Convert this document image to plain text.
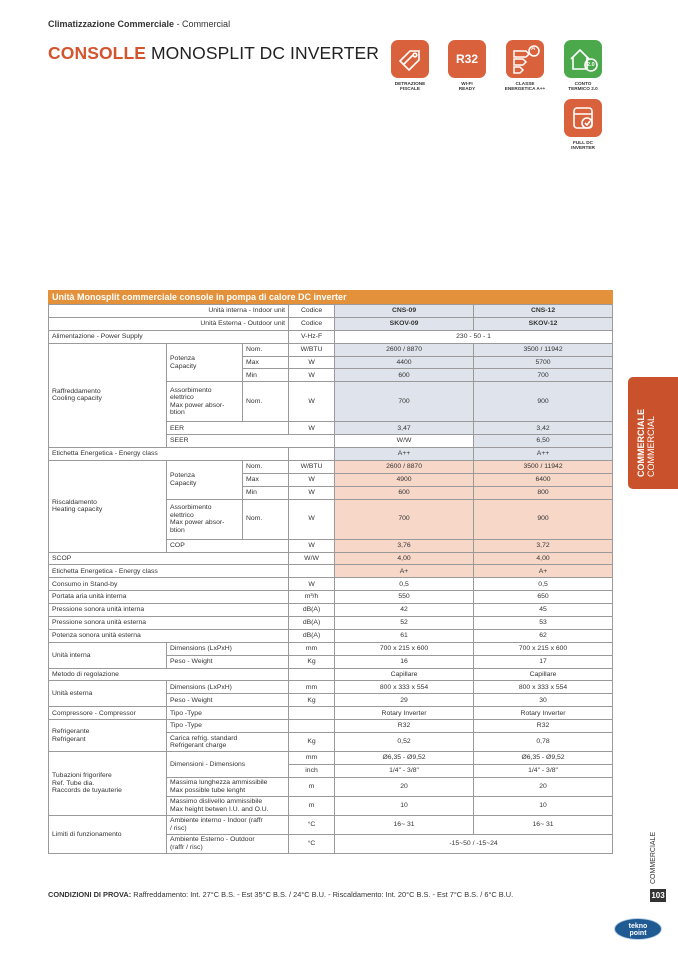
Climatizzazione Commerciale - Commercial
CONSOLLE MONOSPLIT DC INVERTER
DETRAZIONE
FISCALE
R32
WI-FI
READY
A
CLASSE
ENERGETICA A++
2.0
CONTO
TERMICO 2.0
FULL DC
INVERTER
Unità Monosplit commerciale console in pompa di calore DC inverter
Unità interna - Indoor unit			Codice	CNS-09	CNS-12	
Unità Esterna - Outdoor unit			Codice	SKOV-09	SKOV-12	
Alimentazione - Power Supply			V-Hz-F	230 - 50 - 1		
Raffreddamento
Cooling capacity	Potenza
Capacity	Nom.	W/BTU	2600 / 8870	3500 / 11942	
		Max	W	4400	5700	
		Min	W	600	700	
	Assorbimento
elettrico
Max power absor-
btion	Nom.	W	700	900	
	EER		W	3,47	3,42	
	SEER			W/W	6,50	
Etichetta Energetica - Energy class				A++	A++	
Riscaldamento
Heating capacity	Potenza
Capacity	Nom.	W/BTU	2600 / 8870	3500 / 11942	
		Max	W	4900	6400	
		Min	W	600	800	
	Assorbimento
elettrico
Max power absor-
btion	Nom.	W	700	900	
	COP		W	3,76	3,72	
SCOP			W/W	4,00	4,00	
Etichetta Energetica - Energy class				A+	A+	
Consumo in Stand-by			W	0,5	0,5	
Portata aria unità interna			m³/h	550	650	
Pressione sonora unità interna			dB(A)	42	45	
Pressione sonora unità esterna			dB(A)	52	53	
Potenza sonora unità esterna			dB(A)	61	62	
Unità interna	Dimensions (LxPxH)		mm	700 x 215 x 600	700 x 215 x 600	
	Peso - Weight		Kg	16	17	
Metodo di regolazione				Capillare	Capillare	
Unità esterna	Dimensions (LxPxH)		mm	800 x 333 x 554	800 x 333 x 554	
	Peso - Weight		Kg	29	30	
Compressore - Compressor	Tipo -Type			Rotary Inverter	Rotary Inverter	
Refrigerante
Refrigerant	Tipo -Type			R32	R32	
	Carica refrig. standard
Refrigerant charge		Kg	0,52	0,78	
Tubazioni frigorifere
Ref. Tube dia.
Raccords de tuyauterie	Dimensioni - Dimensions		mm	Ø6,35 - Ø9,52	Ø6,35 - Ø9,52	
			inch	1/4" - 3/8"	1/4" - 3/8"	
	Massima lunghezza ammissibile
Max possible tube lenght		m	20	20	
	Massimo dislivello ammissibile
Max height betwen I.U. and O.U.		m	10	10	
Limiti di funzionamento	Ambiente interno - Indoor (raffr
/ risc)		°C	16~ 31	16~ 31	
	Ambiente Esterno - Outdoor
(raffr / risc)		°C	-15~50 / -15~24		
COMMERCIALE COMMERCIAL
COMMERCIALE
103
CONDIZIONI DI PROVA: Raffreddamento: Int. 27°C B.S. - Est 35°C B.S. / 24°C B.U. - Riscaldamento: Int. 20°C B.S. - Est 7°C B.S. / 6°C B.U.
tekno
point
